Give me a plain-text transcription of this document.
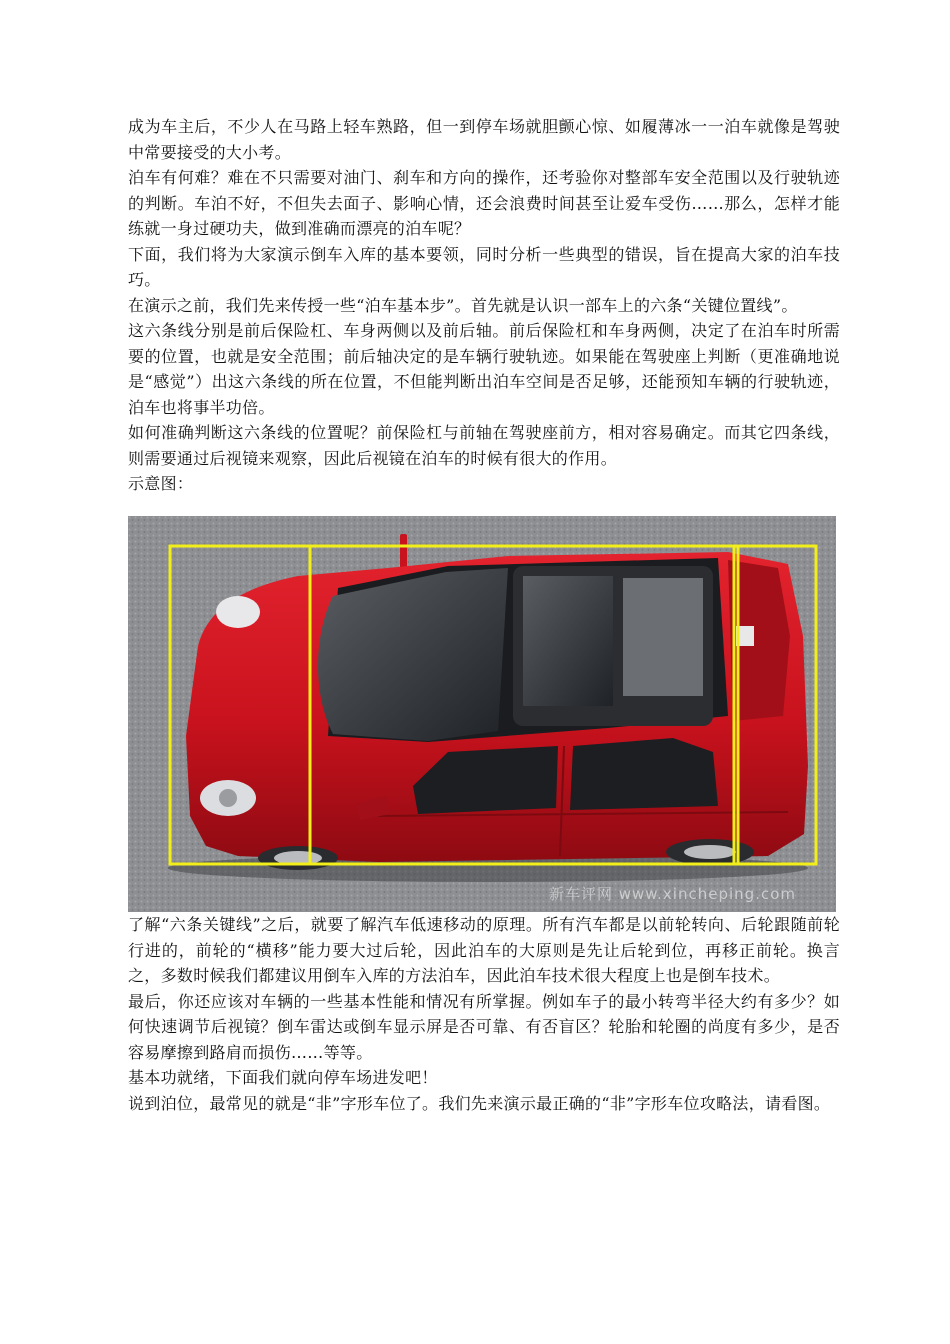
成为车主后，不少人在马路上轻车熟路，但一到停车场就胆颤心惊、如履薄冰一一泊车就像是驾驶中常要接受的大小考。

泊车有何难？难在不只需要对油门、刹车和方向的操作，还考验你对整部车安全范围以及行驶轨迹的判断。车泊不好，不但失去面子、影响心情，还会浪费时间甚至让爱车受伤……那么，怎样才能练就一身过硬功夫，做到准确而漂亮的泊车呢？

下面，我们将为大家演示倒车入库的基本要领，同时分析一些典型的错误，旨在提高大家的泊车技巧。

在演示之前，我们先来传授一些“泊车基本步”。首先就是认识一部车上的六条“关键位置线”。

这六条线分别是前后保险杠、车身两侧以及前后轴。前后保险杠和车身两侧，决定了在泊车时所需要的位置，也就是安全范围；前后轴决定的是车辆行驶轨迹。如果能在驾驶座上判断（更准确地说是“感觉”）出这六条线的所在位置，不但能判断出泊车空间是否足够，还能预知车辆的行驶轨迹，泊车也将事半功倍。

如何准确判断这六条线的位置呢？前保险杠与前轴在驾驶座前方，相对容易确定。而其它四条线，则需要通过后视镜来观察，因此后视镜在泊车的时候有很大的作用。

示意图：

新车评网 www.xincheping.com

了解“六条关键线”之后，就要了解汽车低速移动的原理。所有汽车都是以前轮转向、后轮跟随前轮行进的，前轮的“横移”能力要大过后轮，因此泊车的大原则是先让后轮到位，再移正前轮。换言之，多数时候我们都建议用倒车入库的方法泊车，因此泊车技术很大程度上也是倒车技术。

最后，你还应该对车辆的一些基本性能和情况有所掌握。例如车子的最小转弯半径大约有多少？如何快速调节后视镜？倒车雷达或倒车显示屏是否可靠、有否盲区？轮胎和轮圈的尚度有多少，是否容易摩擦到路肩而损伤……等等。

基本功就绪，下面我们就向停车场进发吧！

说到泊位，最常见的就是“非”字形车位了。我们先来演示最正确的“非”字形车位攻略法，请看图。
